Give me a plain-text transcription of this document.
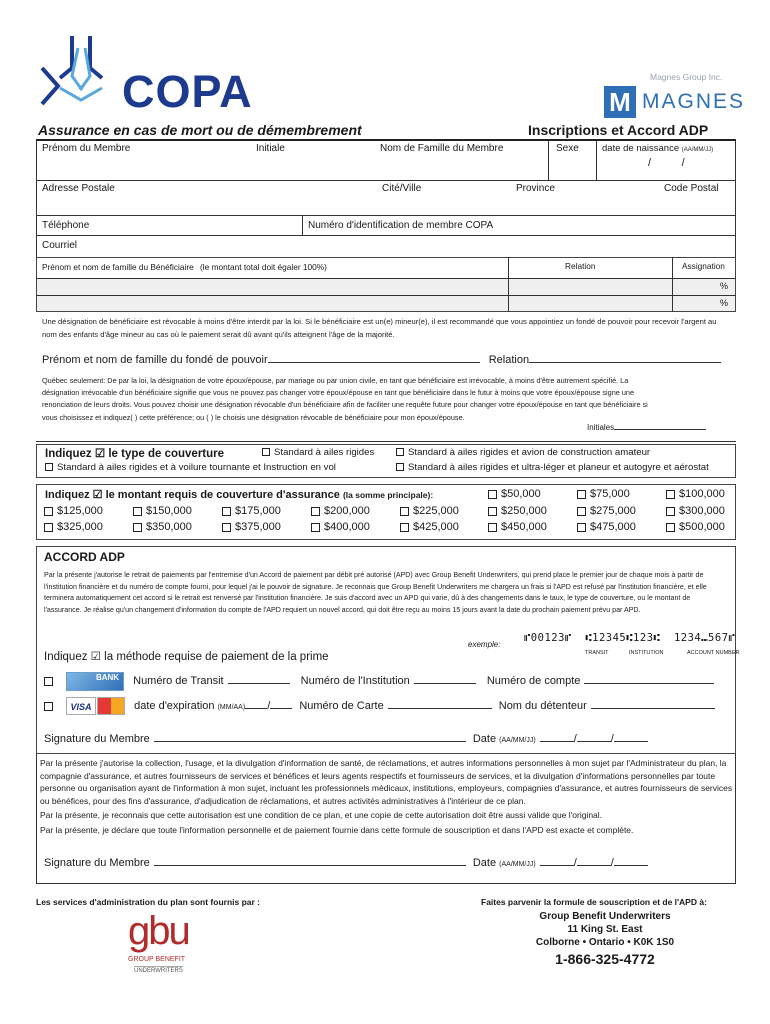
COPA	Magnes Group Inc.
M MAGNES
Assurance en cas de mort ou de démembrement	Inscriptions et Accord ADP
Prénom du Membre	Initiale	Nom de Famille du Membre	Sexe date de naissance (AA/MM/JJ)
/          /
Adresse Postale	Cité/Ville	Province	Code Postal
Téléphone	Numéro d'identification de membre COPA
Courriel
Prénom et nom de famille du Bénéficiaire (le montant total doit égaler 100%)	Relation	Assignation
%
%
Une désignation de bénéficiaire est révocable à moins d'être interdit par la loi. Si le bénéficiaire est un(e) mineur(e), il est recommandé que vous appointiez un fondé de pouvoir pour recevoir l'argent au nom des enfants d'âge mineur au cas où le paiement serait dû avant qu'ils atteignent l'âge de la majorité.
Prénom et nom de famille du fondé de pouvoir	Relation
Québec seulement: De par la loi, la désignation de votre époux/épouse, par mariage ou par union civile, en tant que bénéficiaire est irrévocable, à moins d'être autrement spécifié. La
désignation irrévocable d'un bénéficiaire signifie que vous ne pouvez pas changer votre époux/épouse en tant que bénéficiaire dans le futur à moins que votre époux/épouse signe une
renonciation de leurs droits. Vous pouvez choisir une désignation révocable d'un bénéficiaire afin de faciliter une requête future pour changer votre époux/épouse en tant que bénéficiaire si
vous choisissez et indiquez( ) cette préférence; ou ( ) le choisis une désignation révocable de bénéficiaire pour mon époux/épouse.
Initiales
Indiquez ☑ le type de couverture	Standard à ailes rigides	Standard à ailes rigides et avion de construction amateur
Standard à ailes rigides et à voilure tournante et Instruction en vol	Standard à ailes rigides et ultra-léger et planeur et autogyre et aérostat
Indiquez ☑ le montant requis de couverture d'assurance (la somme principale):	$50,000	$75,000	$100,000
$125,000	$150,000	$175,000	$200,000	$225,000	$250,000	$275,000	$300,000
$325,000	$350,000	$375,000	$400,000	$425,000	$450,000	$475,000	$500,000
ACCORD ADP
Par la présente j'autorise le retrait de paiements par l'entremise d'un Accord de paiement par débit pré autorisé (APD) avec Group Benefit Underwriters, qui prend place le premier jour de chaque mois à partir de l'institution financière et du numéro de compte fourni, pour lequel j'ai le pouvoir de signature. Je reconnais que Group Benefit Underwriters me chargera un frais si l'APD est refusé par l'institution financière, et elle terminera automatiquement cet accord si le retrait est renversé par l'institution financière. Je suis d'accord avec un APD qui varie, dû à des changements dans le taux, le type de couverture, ou le montant de l'assurance. Je réalise qu'un changement d'information du compte de l'APD requiert un nouvel accord, qui doit être reçu au moins 15 jours avant la date du prochain paiement prévu par APD.
exemple:
⑈00123⑈  ⑆12345⑆123⑆  1234⑉567⑈
TRANSIT	INSTITUTION	ACCOUNT NUMBER
Indiquez ☑ la méthode requise de paiement de la prime
BANK Numéro de Transit	Numéro de l'Institution	Numéro de compte
VISA	date d'expiration (MM/AA) /	Numéro de Carte	Nom du détenteur
Signature du Membre	Date (AA/MM/JJ)	/	/
Par la présente j'autorise la collection, l'usage, et la divulgation d'information de santé, de réclamations, et autres informations personnelles à mon sujet par l'Administrateur du plan, la compagnie d'assurance, et autres fournisseurs de services et bénéfices et leurs agents respectifs et fournisseurs de services, et la divulgation d'informations personnelles par toute personne ou organisation ayant de l'information à mon sujet, incluant les professionnels médicaux, institutions, employeurs, compagnies d'assurance, et autres fournisseurs de services ou bénéfices, pour des fins d'assurance, d'adjudication de réclamations, et autres activités administratives à l'intérieur de ce plan.
Par la présente, je reconnais que cette autorisation est une condition de ce plan, et une copie de cette autorisation doit être aussi valide que l'original.
Par la présente, je déclare que toute l'information personnelle et de paiement fournie dans cette formule de souscription et dans l'APD est exacte et complète.
Signature du Membre	Date (AA/MM/JJ)	/	/
Les services d'administration du plan sont fournis par :
gbu
GROUP BENEFIT
UNDERWRITERS
Faites parvenir la formule de souscription et de l'APD à:
Group Benefit Underwriters
11 King St. East
Colborne • Ontario • K0K 1S0
1-866-325-4772
